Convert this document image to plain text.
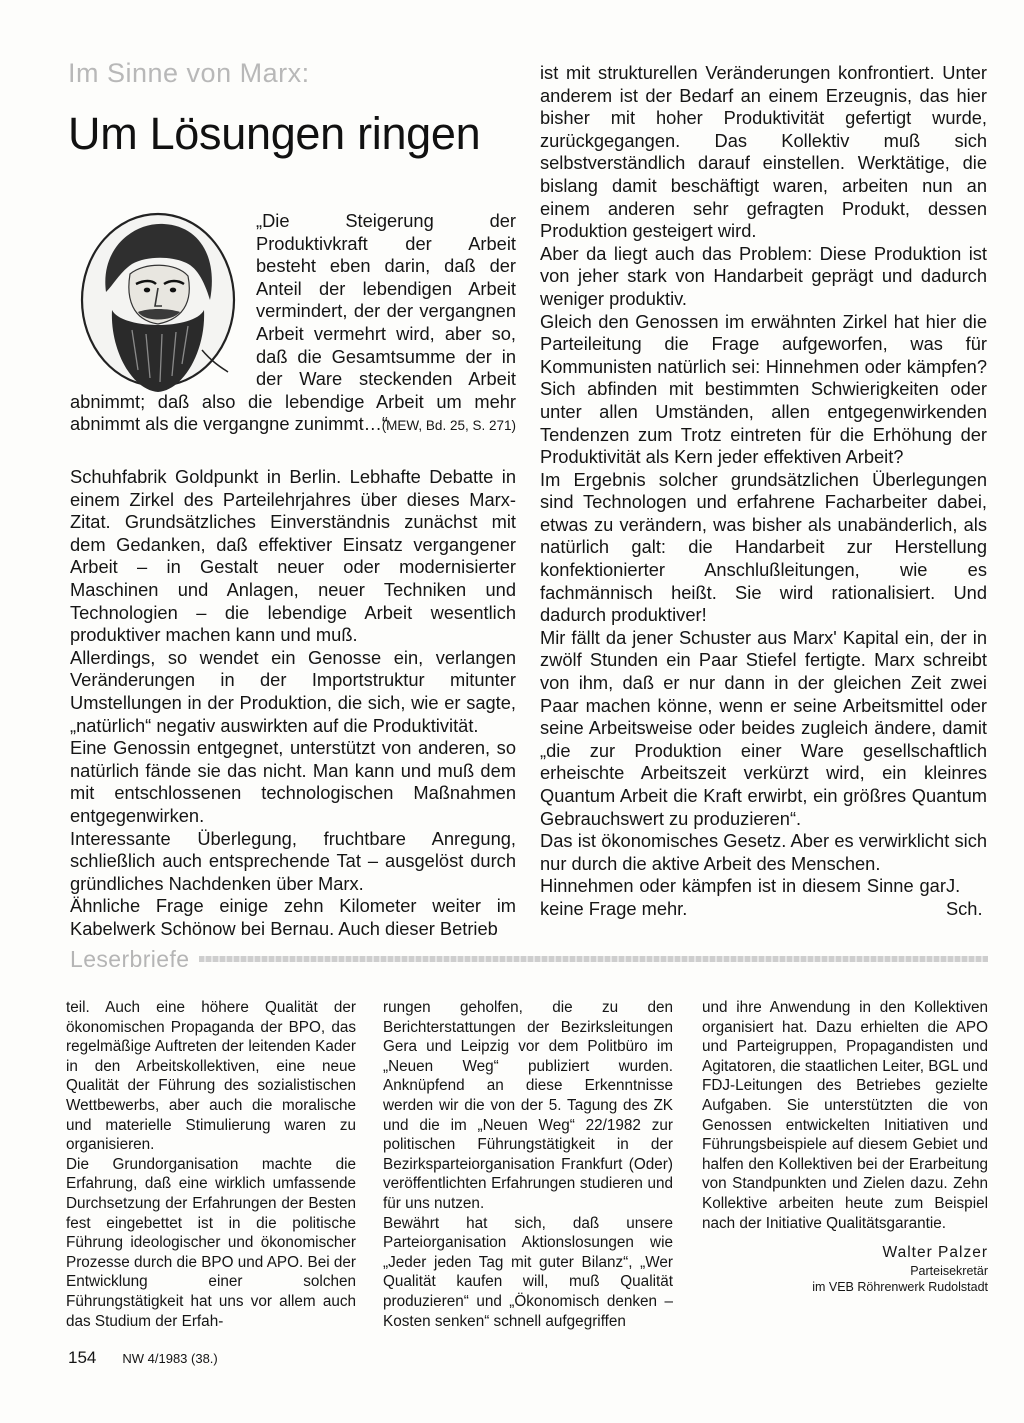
Im Sinne von Marx:
Um Lösungen ringen
„Die Steigerung der Produktivkraft der Arbeit besteht eben darin, daß der Anteil der lebendigen Arbeit vermindert, der der vergangnen Arbeit vermehrt wird, aber so, daß die Gesamtsumme der in der Ware steckenden Arbeit abnimmt; daß also die lebendige Arbeit um mehr abnimmt als die vergangne zunimmt…“
(MEW, Bd. 25, S. 271)

Schuhfabrik Goldpunkt in Berlin. Lebhafte Debatte in einem Zirkel des Parteilehrjahres über dieses Marx-Zitat. Grundsätzliches Einverständnis zunächst mit dem Gedanken, daß effektiver Einsatz vergangener Arbeit – in Gestalt neuer oder modernisierter Maschinen und Anlagen, neuer Techniken und Technologien – die lebendige Arbeit wesentlich produktiver machen kann und muß.

Allerdings, so wendet ein Genosse ein, verlangen Veränderungen in der Importstruktur mitunter Umstellungen in der Produktion, die sich, wie er sagte, „natürlich“ negativ auswirkten auf die Produktivität.

Eine Genossin entgegnet, unterstützt von anderen, so natürlich fände sie das nicht. Man kann und muß dem mit entschlossenen technologischen Maßnahmen entgegenwirken.

Interessante Überlegung, fruchtbare Anregung, schließlich auch entsprechende Tat – ausgelöst durch gründliches Nachdenken über Marx.

Ähnliche Frage einige zehn Kilometer weiter im Kabelwerk Schönow bei Bernau. Auch dieser Betrieb

ist mit strukturellen Veränderungen konfrontiert. Unter anderem ist der Bedarf an einem Erzeugnis, das hier bisher mit hoher Produktivität gefertigt wurde, zurückgegangen. Das Kollektiv muß sich selbstverständlich darauf einstellen. Werktätige, die bislang damit beschäftigt waren, arbeiten nun an einem anderen sehr gefragten Produkt, dessen Produktion gesteigert wird.

Aber da liegt auch das Problem: Diese Produktion ist von jeher stark von Handarbeit geprägt und dadurch weniger produktiv.

Gleich den Genossen im erwähnten Zirkel hat hier die Parteileitung die Frage aufgeworfen, was für Kommunisten natürlich sei: Hinnehmen oder kämpfen? Sich abfinden mit bestimmten Schwierigkeiten oder unter allen Umständen, allen entgegenwirkenden Tendenzen zum Trotz eintreten für die Erhöhung der Produktivität als Kern jeder effektiven Arbeit?

Im Ergebnis solcher grundsätzlichen Überlegungen sind Technologen und erfahrene Facharbeiter dabei, etwas zu verändern, was bisher als unabänderlich, als natürlich galt: die Handarbeit zur Herstellung konfektionierter Anschlußleitungen, wie es fachmännisch heißt. Sie wird rationalisiert. Und dadurch produktiver!

Mir fällt da jener Schuster aus Marx' Kapital ein, der in zwölf Stunden ein Paar Stiefel fertigte. Marx schreibt von ihm, daß er nur dann in der gleichen Zeit zwei Paar machen könne, wenn er seine Arbeitsmittel oder seine Arbeitsweise oder beides zugleich ändere, damit „die zur Produktion einer Ware gesellschaftlich erheischte Arbeitszeit verkürzt wird, ein kleinres Quantum Arbeit die Kraft erwirbt, ein größres Quantum Gebrauchswert zu produzieren“.

Das ist ökonomisches Gesetz. Aber es verwirklicht sich nur durch die aktive Arbeit des Menschen.

Hinnehmen oder kämpfen ist in diesem Sinne gar keine Frage mehr.
J. Sch.
Leserbriefe

teil. Auch eine höhere Qualität der ökonomischen Propaganda der BPO, das regelmäßige Auftreten der leitenden Kader in den Arbeitskollektiven, eine neue Qualität der Führung des sozialistischen Wettbewerbs, aber auch die moralische und materielle Stimulierung waren zu organisieren.

Die Grundorganisation machte die Erfahrung, daß eine wirklich umfassende Durchsetzung der Erfahrungen der Besten fest eingebettet ist in die politische Führung ideologischer und ökonomischer Prozesse durch die BPO und APO. Bei der Entwicklung einer solchen Führungstätigkeit hat uns vor allem auch das Studium der Erfah-

rungen geholfen, die zu den Berichterstattungen der Bezirksleitungen Gera und Leipzig vor dem Politbüro im „Neuen Weg“ publiziert wurden. Anknüpfend an diese Erkenntnisse werden wir die von der 5. Tagung des ZK und die im „Neuen Weg“ 22/1982 zur politischen Führungstätigkeit in der Bezirksparteiorganisation Frankfurt (Oder) veröffentlichten Erfahrungen studieren und für uns nutzen.

Bewährt hat sich, daß unsere Parteiorganisation Aktionslosungen wie „Jeder jeden Tag mit guter Bilanz“, „Wer Qualität kaufen will, muß Qualität produzieren“ und „Ökonomisch denken – Kosten senken“ schnell aufgegriffen

und ihre Anwendung in den Kollektiven organisiert hat. Dazu erhielten die APO und Parteigruppen, Propagandisten und Agitatoren, die staatlichen Leiter, BGL und FDJ-Leitungen des Betriebes gezielte Aufgaben. Sie unterstützten die von Genossen entwickelten Initiativen und Führungsbeispiele auf diesem Gebiet und halfen den Kollektiven bei der Erarbeitung von Standpunkten und Zielen dazu. Zehn Kollektive arbeiten heute zum Beispiel nach der Initiative Qualitätsgarantie.

Walter Palzer
Parteisekretär
im VEB Röhrenwerk Rudolstadt
154 NW 4/1983 (38.)
